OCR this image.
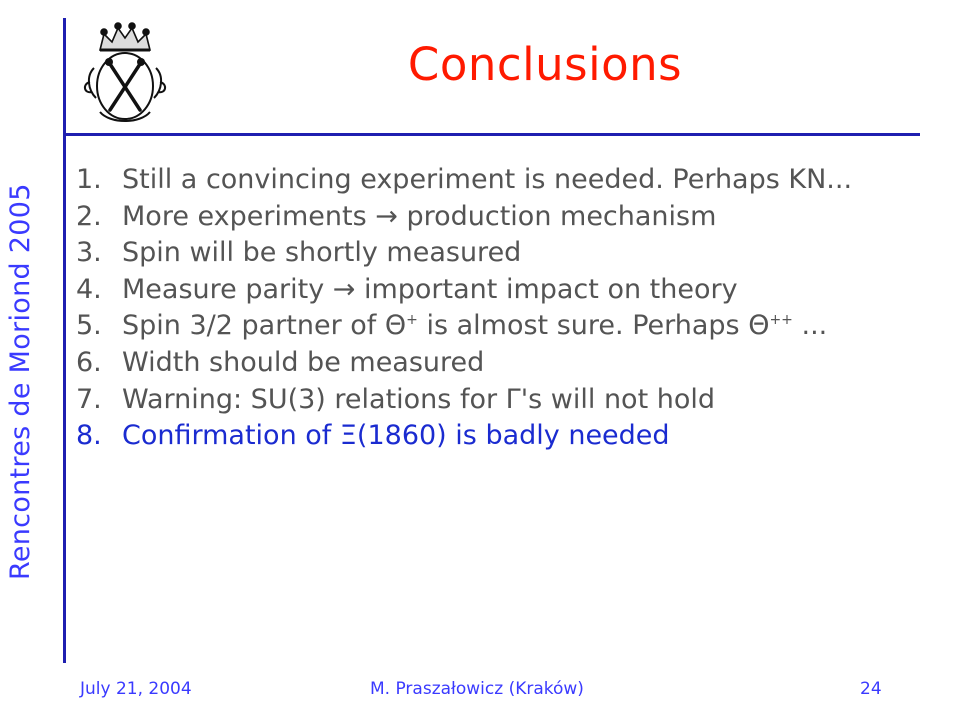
Rencontres de Moriond 2005
Conclusions
1. Still a convincing experiment is needed. Perhaps KN...
2. More experiments → production mechanism
3. Spin will be shortly measured
4. Measure parity → important impact on theory
5. Spin 3/2 partner of Θ+ is almost sure. Perhaps Θ++ ...
6. Width should be measured
7. Warning: SU(3) relations for Γ's will not hold
8. Confirmation of Ξ(1860) is badly needed
July 21, 2004	M. Praszałowicz (Kraków)	24
